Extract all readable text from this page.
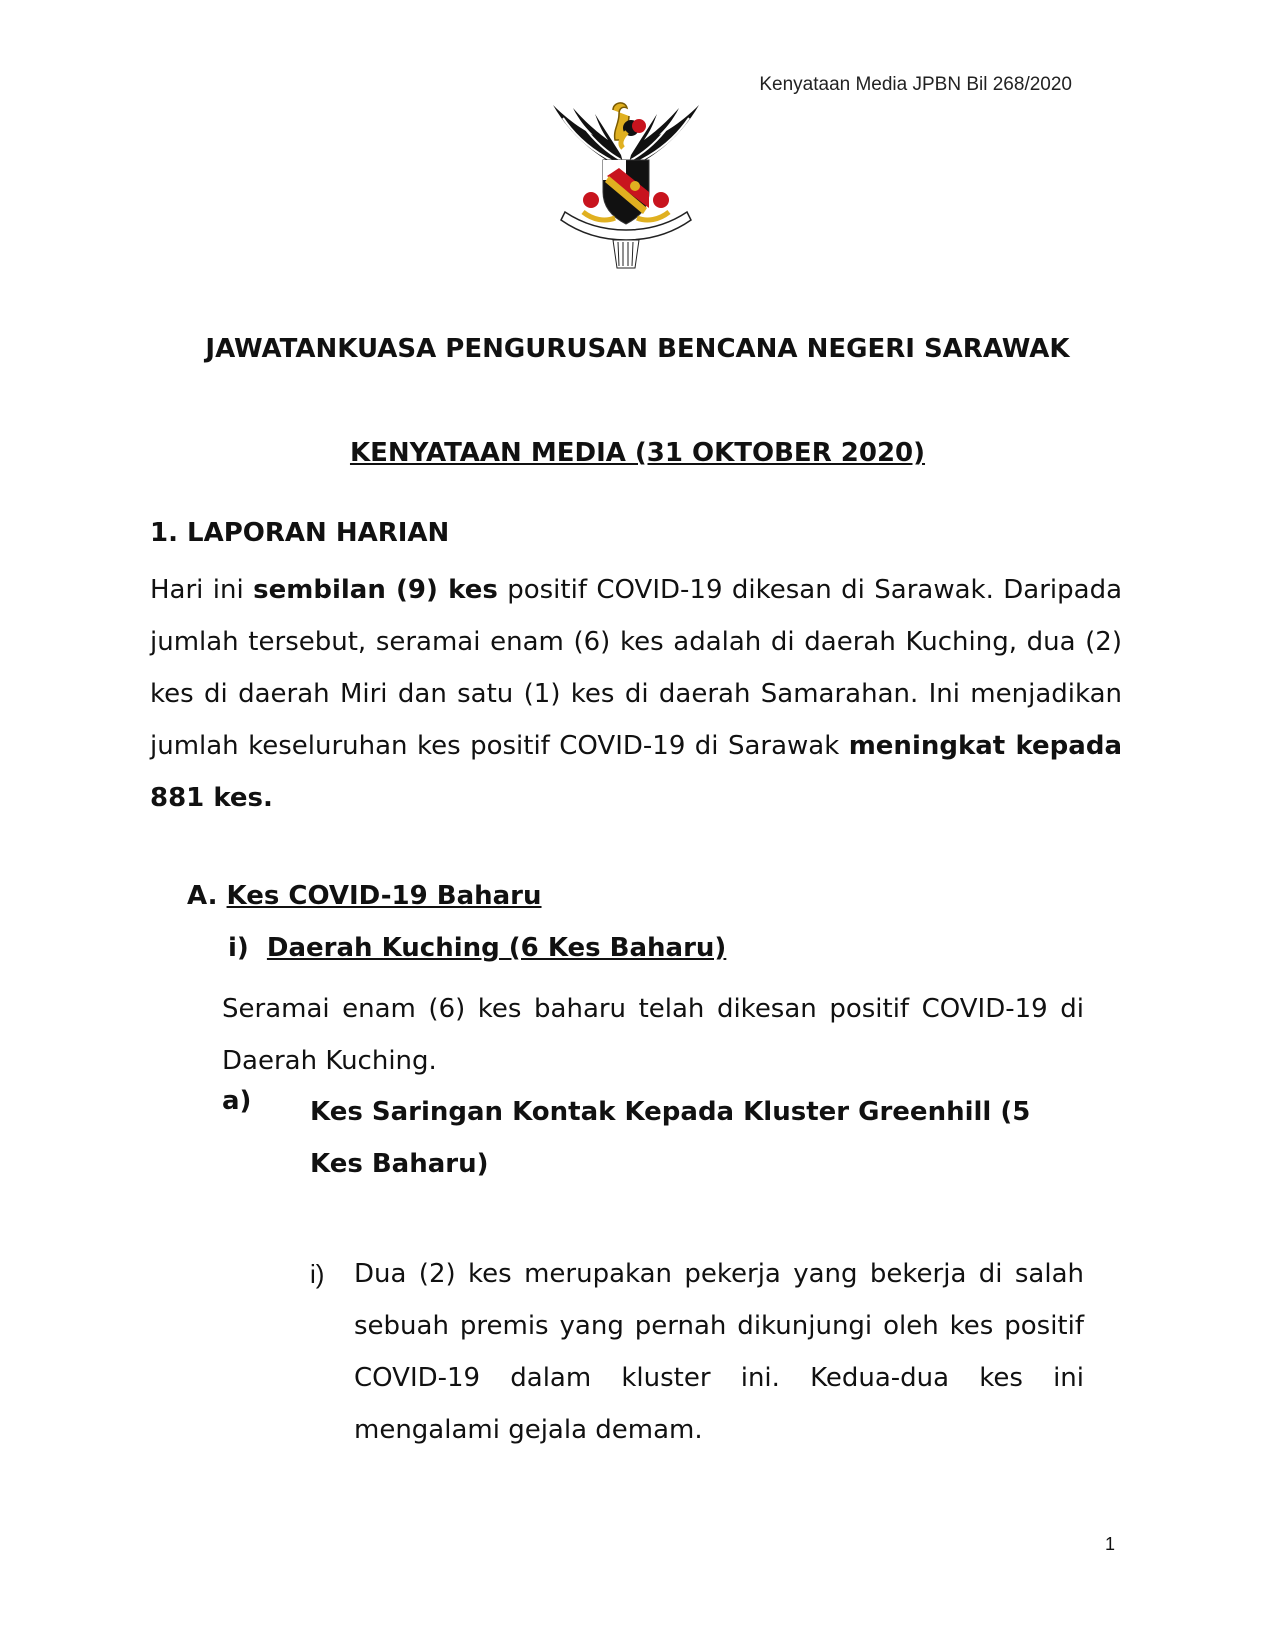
Kenyataan Media JPBN Bil 268/2020
JAWATANKUASA PENGURUSAN BENCANA NEGERI SARAWAK
KENYATAAN MEDIA (31 OKTOBER 2020)
1. LAPORAN HARIAN
Hari ini sembilan (9) kes positif COVID-19 dikesan di Sarawak. Daripada jumlah tersebut, seramai enam (6) kes adalah di daerah Kuching, dua (2) kes di daerah Miri dan satu (1) kes di daerah Samarahan. Ini menjadikan jumlah keseluruhan kes positif COVID-19 di Sarawak meningkat kepada 881 kes.
A. Kes COVID-19 Baharu
i) Daerah Kuching (6 Kes Baharu)
Seramai enam (6) kes baharu telah dikesan positif COVID-19 di Daerah Kuching.
a) Kes Saringan Kontak Kepada Kluster Greenhill (5 Kes Baharu)
i) Dua (2) kes merupakan pekerja yang bekerja di salah sebuah premis yang pernah dikunjungi oleh kes positif COVID-19 dalam kluster ini. Kedua-dua kes ini mengalami gejala demam.
1
